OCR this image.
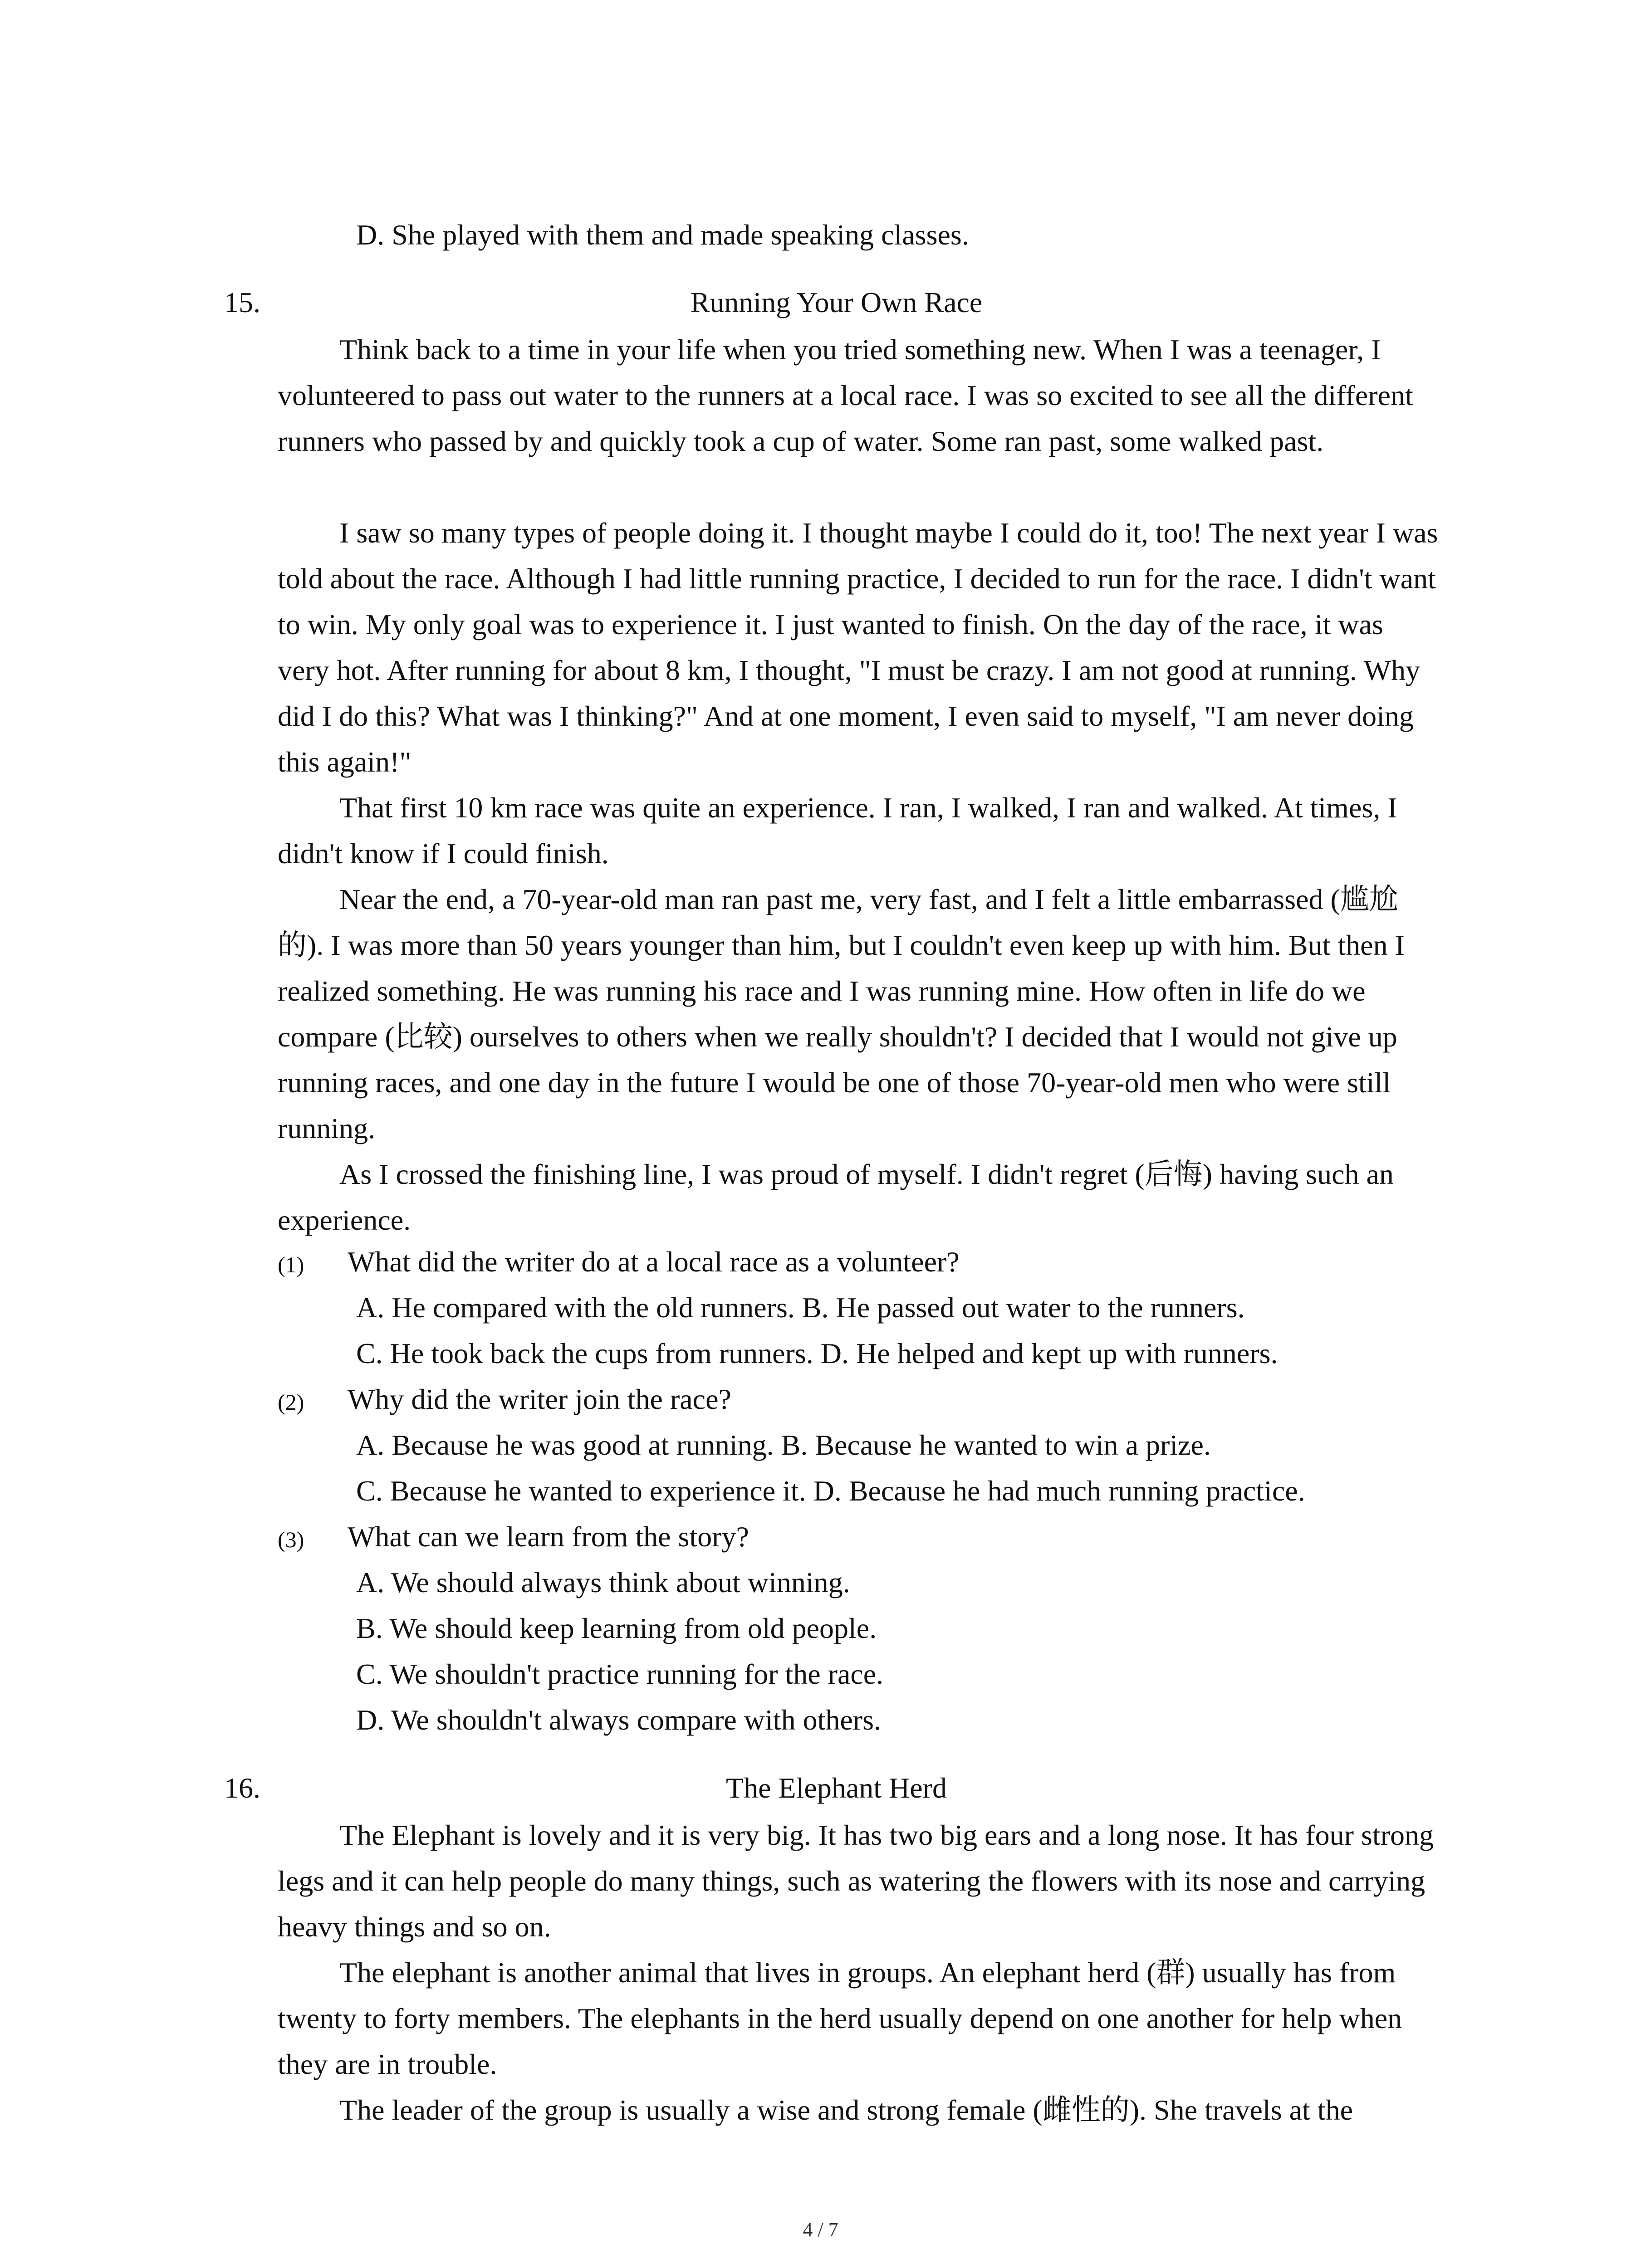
D. She played with them and made speaking classes.
15.	Running Your Own Race

Think back to a time in your life when you tried something new. When I was a teenager, I volunteered to pass out water to the runners at a local race. I was so excited to see all the different runners who passed by and quickly took a cup of water. Some ran past, some walked past.

I saw so many types of people doing it. I thought maybe I could do it, too! The next year I was told about the race. Although I had little running practice, I decided to run for the race. I didn't want to win. My only goal was to experience it. I just wanted to finish. On the day of the race, it was very hot. After running for about 8 km, I thought, "I must be crazy. I am not good at running. Why did I do this? What was I thinking?" And at one moment, I even said to myself, "I am never doing this again!"

That first 10 km race was quite an experience. I ran, I walked, I ran and walked. At times, I didn't know if I could finish.

Near the end, a 70-year-old man ran past me, very fast, and I felt a little embarrassed (尴尬的). I was more than 50 years younger than him, but I couldn't even keep up with him. But then I realized something. He was running his race and I was running mine. How often in life do we compare (比较) ourselves to others when we really shouldn't? I decided that I would not give up running races, and one day in the future I would be one of those 70-year-old men who were still running.

As I crossed the finishing line, I was proud of myself. I didn't regret (后悔) having such an experience.

(1) What did the writer do at a local race as a volunteer?
A. He compared with the old runners. B. He passed out water to the runners.
C. He took back the cups from runners. D. He helped and kept up with runners.
(2) Why did the writer join the race?
A. Because he was good at running. B. Because he wanted to win a prize.
C. Because he wanted to experience it. D. Because he had much running practice.
(3) What can we learn from the story?
A. We should always think about winning.
B. We should keep learning from old people.
C. We shouldn't practice running for the race.
D. We shouldn't always compare with others.
16.	The Elephant Herd

The Elephant is lovely and it is very big. It has two big ears and a long nose. It has four strong legs and it can help people do many things, such as watering the flowers with its nose and carrying heavy things and so on.

The elephant is another animal that lives in groups. An elephant herd (群) usually has from twenty to forty members. The elephants in the herd usually depend on one another for help when they are in trouble.

The leader of the group is usually a wise and strong female (雌性的). She travels at the

4 / 7
